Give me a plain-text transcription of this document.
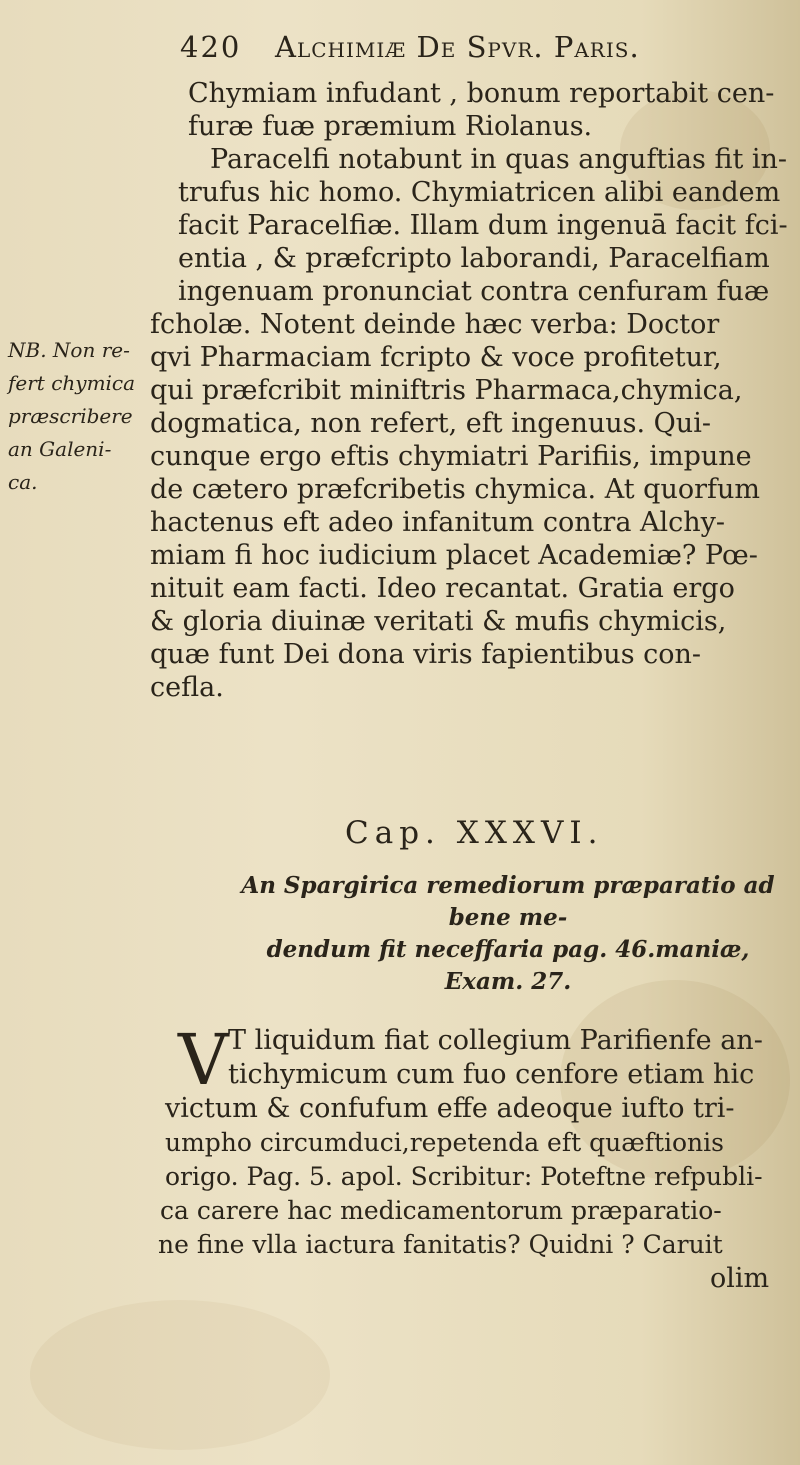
420 Alchimiæ De Spvr. Paris.
NB. Non re-
fert chymica
præscribere
an Galeni-
ca.
Chymiam infudant , bonum reportabit cen-
furæ fuæ præmium Riolanus.
Paracelfi notabunt in quas anguftias fit in-
trufus hic homo. Chymiatricen alibi eandem
facit Paracelfiæ. Illam dum ingenuā facit fci-
entia , & præfcripto laborandi, Paracelfiam
ingenuam pronunciat contra cenfuram fuæ
fcholæ. Notent deinde hæc verba: Doctor
qvi Pharmaciam fcripto & voce profitetur,
qui præfcribit miniftris Pharmaca,chymica,
dogmatica, non refert, eft ingenuus. Qui-
cunque ergo eftis chymiatri Parifiis, impune
de cætero præfcribetis chymica. At quorfum
hactenus eft adeo infanitum contra Alchy-
miam fi hoc iudicium placet Academiæ? Pœ-
nituit eam facti. Ideo recantat. Gratia ergo
& gloria diuinæ veritati & mufis chymicis,
quæ funt Dei dona viris fapientibus con-
cefla.
Cap. XXXVI.
An Spargirica remediorum præparatio ad bene me-
dendum fit neceffaria pag. 46.maniæ,
Exam. 27.
V T liquidum fiat collegium Parifienfe an-
tichymicum cum fuo cenfore etiam hic
victum & confufum effe adeoque iufto tri-
umpho circumduci,repetenda eft quæftionis
origo. Pag. 5. apol. Scribitur: Poteftne refpubli-
ca carere hac medicamentorum præparatio-
ne fine vlla iactura fanitatis? Quidni ? Caruit
olim
